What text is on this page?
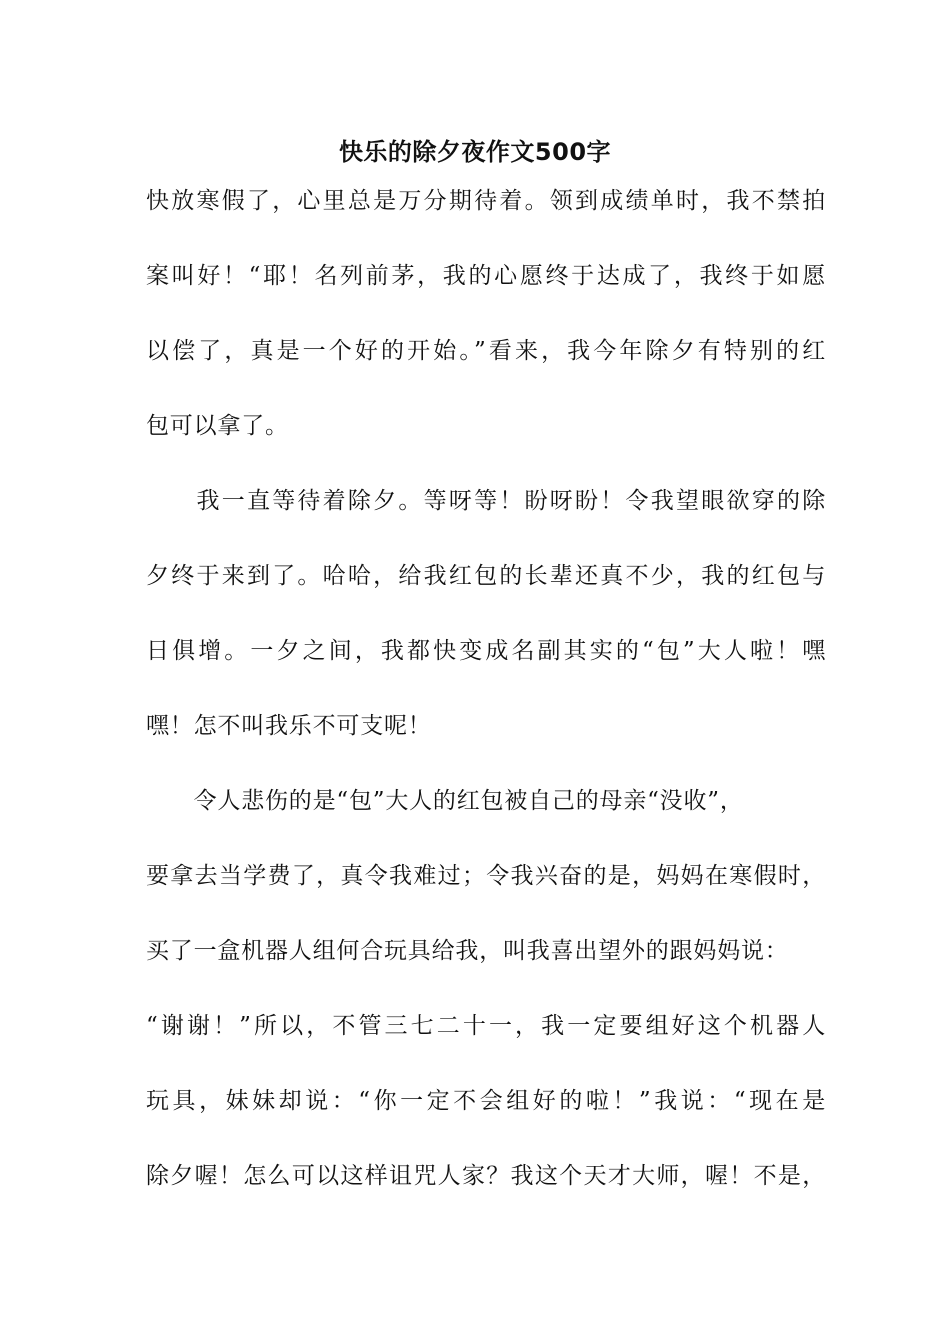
快乐的除夕夜作文500字
快放寒假了，心里总是万分期待着。领到成绩单时，我不禁拍
案叫好！“耶！名列前茅，我的心愿终于达成了，我终于如愿
以偿了，真是一个好的开始。”看来，我今年除夕有特别的红
包可以拿了。
　　我一直等待着除夕。等呀等！盼呀盼！令我望眼欲穿的除
夕终于来到了。哈哈，给我红包的长辈还真不少，我的红包与
日俱增。一夕之间，我都快变成名副其实的“包”大人啦！嘿
嘿！怎不叫我乐不可支呢！
　　令人悲伤的是“包”大人的红包被自己的母亲“没收”，
要拿去当学费了，真令我难过；令我兴奋的是，妈妈在寒假时，
买了一盒机器人组何合玩具给我，叫我喜出望外的跟妈妈说：
“谢谢！”所以，不管三七二十一，我一定要组好这个机器人
玩具，妹妹却说：“你一定不会组好的啦！”我说：“现在是
除夕喔！怎么可以这样诅咒人家？我这个天才大师，喔！不是，
